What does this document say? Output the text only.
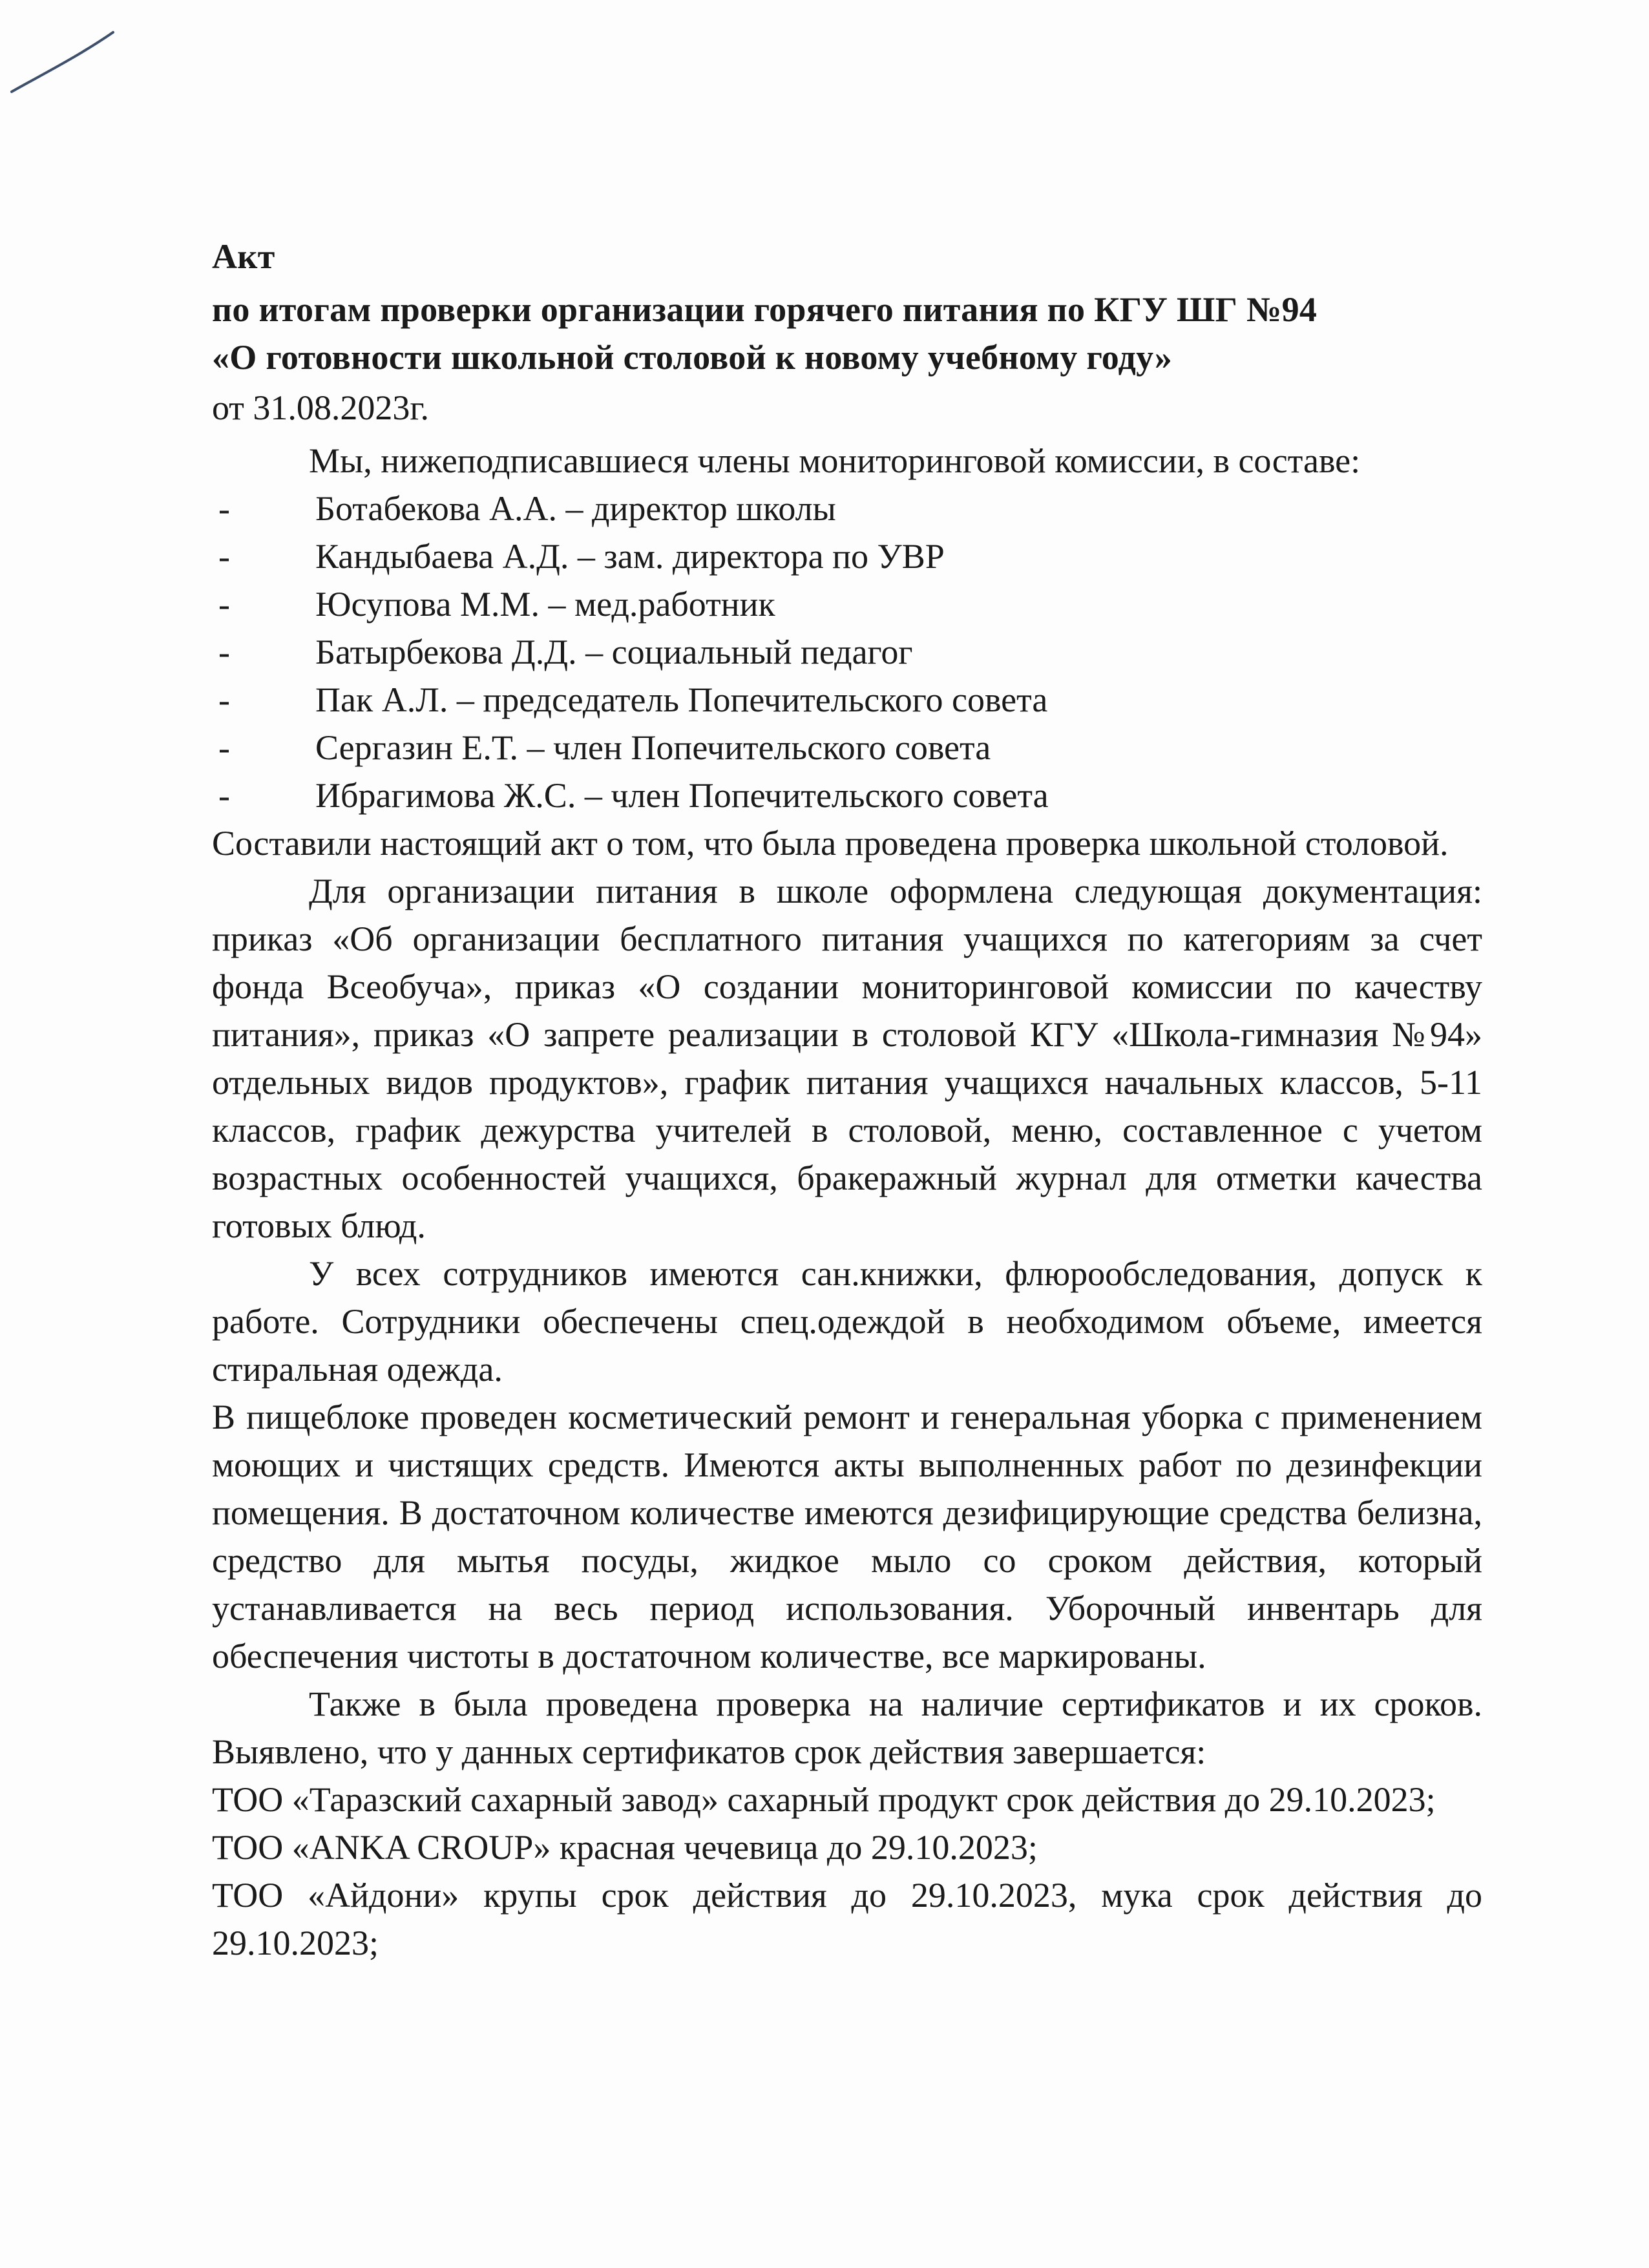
Акт

по итогам проверки организации горячего питания по КГУ ШГ №94

«О готовности школьной столовой к новому учебному году»

от 31.08.2023г.

Мы, нижеподписавшиеся члены мониторинговой комиссии, в составе:

- Ботабекова А.А. – директор школы
- Кандыбаева А.Д. – зам. директора по УВР
- Юсупова М.М. – мед.работник
- Батырбекова Д.Д. – социальный педагог
- Пак А.Л. – председатель Попечительского совета
- Сергазин Е.Т. – член Попечительского совета
- Ибрагимова Ж.С. – член Попечительского совета

Составили настоящий акт о том, что была проведена проверка школьной столовой.

Для организации питания в школе оформлена следующая документация: приказ «Об организации бесплатного питания учащихся по категориям за счет фонда Всеобуча», приказ «О создании мониторинговой комиссии по качеству питания», приказ «О запрете реализации в столовой КГУ «Школа-гимназия №94» отдельных видов продуктов», график питания учащихся начальных классов, 5-11 классов, график дежурства учителей в столовой, меню, составленное с учетом возрастных особенностей учащихся, бракеражный журнал для отметки качества готовых блюд.

У всех сотрудников имеются сан.книжки, флюрообследования, допуск к работе. Сотрудники обеспечены спец.одеждой в необходимом объеме, имеется стиральная одежда.

В пищеблоке проведен косметический ремонт и генеральная уборка с применением моющих и чистящих средств. Имеются акты выполненных работ по дезинфекции помещения. В достаточном количестве имеются дезифицирующие средства белизна, средство для мытья посуды, жидкое мыло со сроком действия, который устанавливается на весь период использования. Уборочный инвентарь для обеспечения чистоты в достаточном количестве, все маркированы.

Также в была проведена проверка на наличие сертификатов и их сроков. Выявлено, что у данных сертификатов срок действия завершается:

ТОО «Таразский сахарный завод» сахарный продукт срок действия до 29.10.2023;

ТОО «ANKA CROUP» красная чечевица до 29.10.2023;

ТОО «Айдони» крупы срок действия до 29.10.2023, мука срок действия до 29.10.2023;
